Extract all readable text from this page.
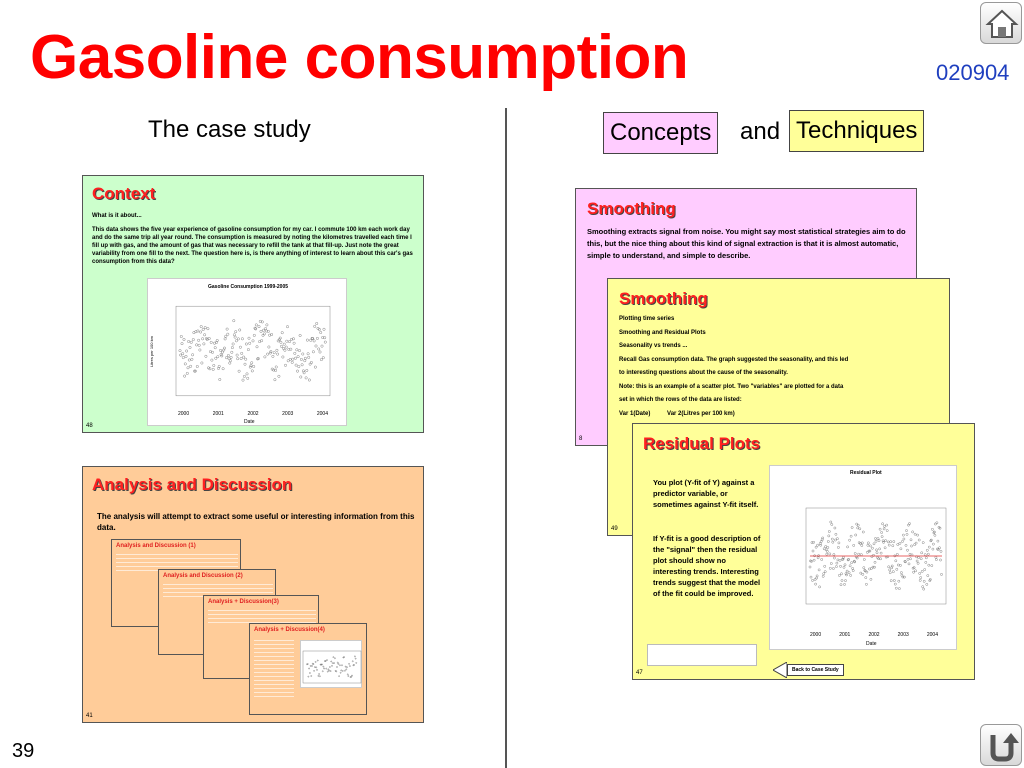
Gasoline consumption	020904
39
The case study
Context
What is it about...
This data shows the five year experience of gasoline consumption for my car. I commute 100 km each work day and do the same trip all year round. The consumption is measured by noting the kilometres travelled each time I fill up with gas, and the amount of gas that was necessary to refill the tank at that fill-up. Just note the great variability from one fill to the next. The question here is, is there anything of interest to learn about this car's gas consumption from this data?
Gasoline Consumption 1999-2005
2000	2001	2002	2003	2004
Date
Litres per 100 km
48
Analysis and Discussion
The analysis will attempt to extract some useful or interesting information from this data.
Analysis and Discussion (1)
Analysis and Discussion (2)
Analysis + Discussion(3)
Analysis + Discussion(4)
41
Concepts and Techniques
Smoothing
Smoothing extracts signal from noise. You might say most statistical strategies aim to do this, but the nice thing about this kind of signal extraction is that it is almost automatic, simple to understand, and simple to describe.
8
Smoothing
Plotting time series
Smoothing and Residual Plots
Seasonality vs trends ...
Recall Gas consumption data. The graph suggested the seasonality, and this led
to interesting questions about the cause of the seasonality.
Note: this is an example of a scatter plot. Two "variables" are plotted for a data
set in which the rows of the data are listed:
Var 1(Date)          Var 2(Litres per 100 km)
49
Residual Plots
You plot (Y-fit of Y) against a predictor variable, or sometimes against Y-fit itself.
If Y-fit is a good description of the "signal" then the residual plot should show no interesting trends. Interesting trends suggest that the model of the fit could be improved.
Residual Plot
2000	2001	2002	2003	2004
Date
Back to Case Study
47
